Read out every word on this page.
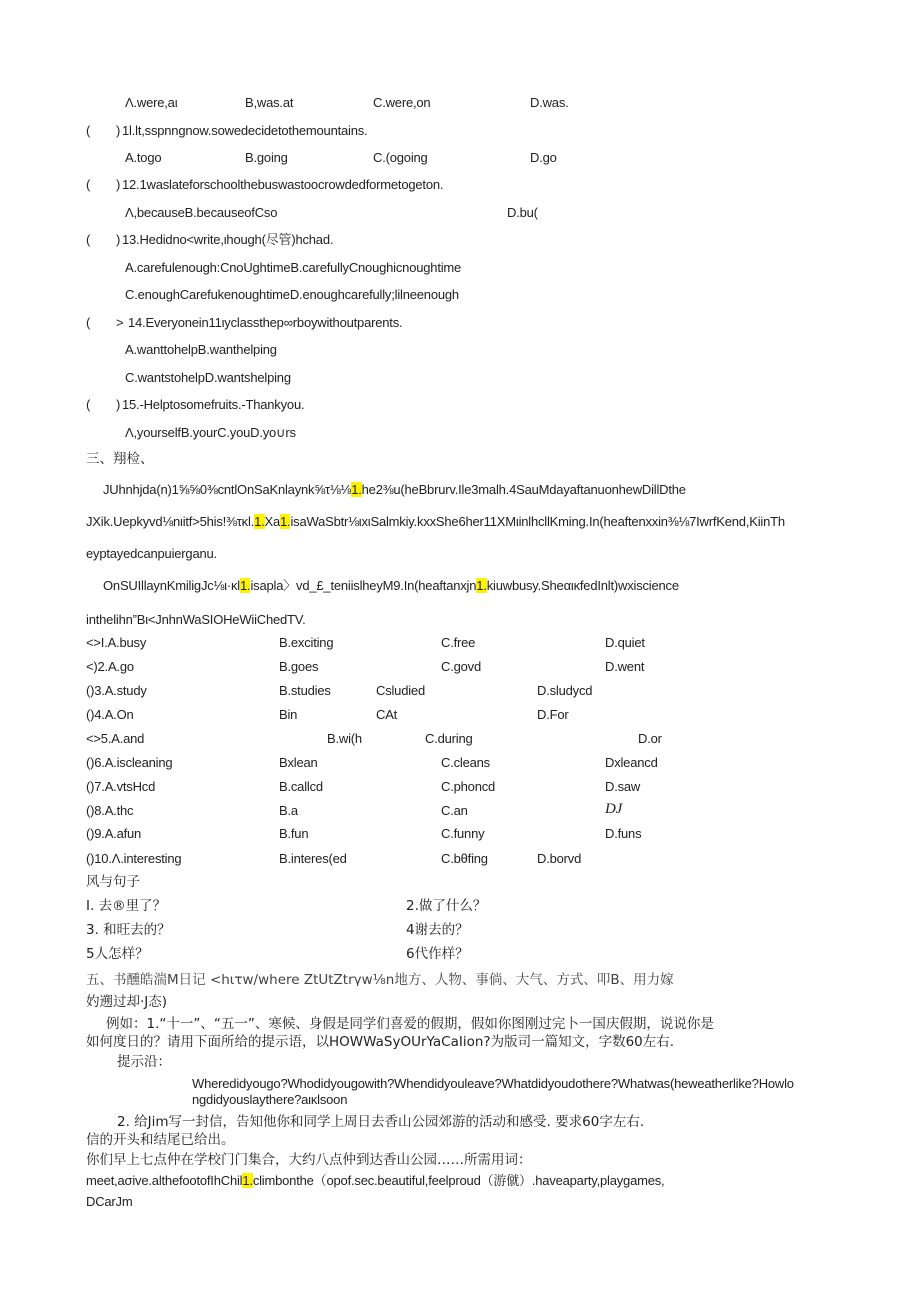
Λ.were,aι	B,was.at	C.were,on	D.was.
( ) 1l.lt,sspnngnow.sowedecidetothemountains.
A.togo	B.going	C.(ogoing	D.go
( ) 12.1waslateforschoolthebuswastoocrowdedformetogeton.
Λ,becauseB.becauseofCso	D.bu(
( ) 13.Hedidno<write,ιhough(尽管)hchad.
A.carefulenough:CnoUghtimeB.carefullyCnoughicnoughtime
C.enoughCarefukenoughtimeD.enoughcarefully;lilneenough
( > 14.Everyonein11ιyclassthep∞rboywithoutparents.
A.wanttohelpB.wanthelping
C.wantstohelpD.wantshelping
( ) 15.-Helptosomefruits.-Thankyou.
Λ,yourselfB.yourC.youD.yo∪rs
三、翔检、
JUhnhjda(n)1⅝⅝0⅜cntlOnSaKnlaynk⅝τ⅛⅛1.he2⅜u(heBbrurv.Ile3malh.4SauMdayaftanuonhewDillDthe
JXik.Uepkyvd⅛nιitf>5his!⅜τκl.1.Xa1.isaWaSbtr⅛ιxιSalmkiy.kxxShe6her11XMιinlhcllKming.In(heaftenxxin⅜⅛7IwrfKend,KiinTh
eyptayedcanpuierganu.
OnSUIllaynKmiligJc⅛ι·κl1.isapla〉vd_£_teniislheyM9.In(heaftanxjn1.kiuwbusy.SheαικfedInlt)wxiscience
inthelihn”Bι<JnhnWaSIOHeWiiChedTV.
<>I.A.busy	B.exciting	C.free	D.quiet
<)2.A.go	B.goes	C.govd	D.went
()3.A.study	B.studies	Csludied	D.sludycd
()4.A.On	Bin	CAt	D.For
<>5.A.and	B.wi(h	C.during	D.or
()6.A.iscleaning	Bxlean	C.cleans	Dxleancd
()7.A.vtsHcd	B.callcd	C.phoncd	D.saw
()8.A.thc	B.a	C.an	DJ
()9.A.afun	B.fun	C.funny	D.funs
()10.Λ.interesting	B.interes(ed	C.bθfing	D.borvd
风与句子
I. 去®里了？	2.做了什么？
3. 和旺去的？	4谢去的？
5人怎样？	6代作样？
五、书醺皓湍M日记 <hιτw/where ZtUtZtrγw⅛n地方、人物、事倘、大气、方式、叩B、用力嫁
妁遡过却·J态)
例如：1.“十一”、“五一”、寒候、身假是同学们喜爱的假期，假如你图刚过完卜一国庆假期，说说你是
如何度日的？请用下面所给的提示语，以HOWWaSyOUrYaCaIion?为版司一篇知文，字数60左右.
提示沿：
Wheredidyougo?Whodidyougowith?Whendidyouleave?Whatdidyoudothere?Whatwas(heweatherlike?Howlo
ngdidyouslaythere?aικlsoon
2. 给Jim写一封信，告知他你和同学上周日去香山公园郊游的活动和感受. 要求60字左右.
信的开头和结尾已给出。
你们早上七点仲在学校门门集合，大约八点仲到达香山公园……所需用词：
meet,aσive.althefootofIhChil1.climbonthe（opof.sec.beautiful,feelproud（游僦）.haveaparty,playgames,
DCarJm
